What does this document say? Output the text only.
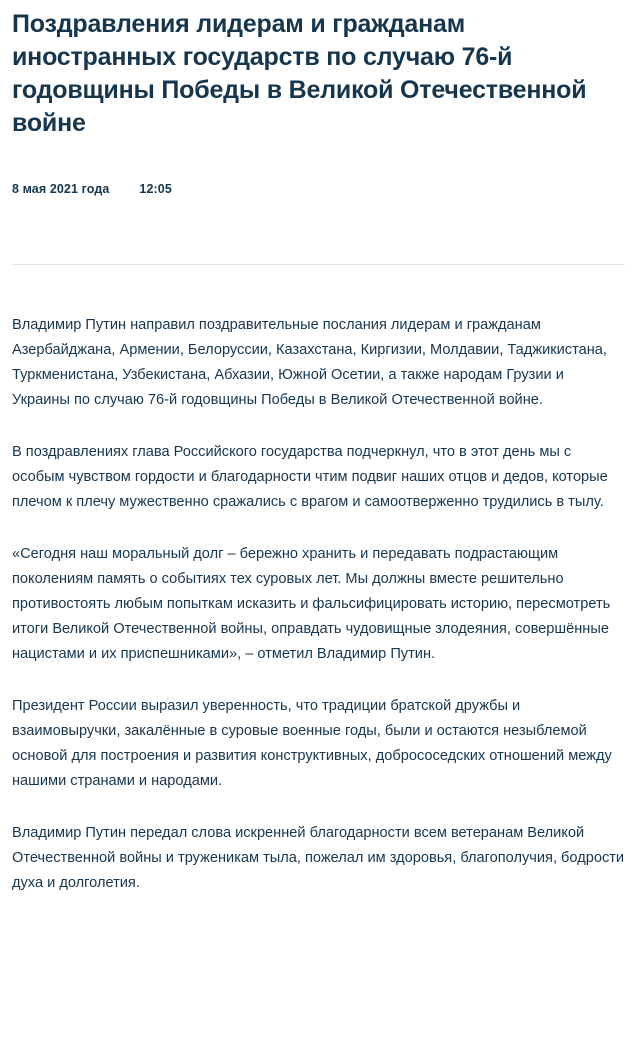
Поздравления лидерам и гражданам иностранных государств по случаю 76-й годовщины Победы в Великой Отечественной войне
8 мая 2021 года 12:05

Владимир Путин направил поздравительные послания лидерам и гражданам Азербайджана, Армении, Белоруссии, Казахстана, Киргизии, Молдавии, Таджикистана, Туркменистана, Узбекистана, Абхазии, Южной Осетии, а также народам Грузии и Украины по случаю 76-й годовщины Победы в Великой Отечественной войне.

В поздравлениях глава Российского государства подчеркнул, что в этот день мы с особым чувством гордости и благодарности чтим подвиг наших отцов и дедов, которые плечом к плечу мужественно сражались с врагом и самоотверженно трудились в тылу.

«Сегодня наш моральный долг – бережно хранить и передавать подрастающим поколениям память о событиях тех суровых лет. Мы должны вместе решительно противостоять любым попыткам исказить и фальсифицировать историю, пересмотреть итоги Великой Отечественной войны, оправдать чудовищные злодеяния, совершённые нацистами и их приспешниками», – отметил Владимир Путин.

Президент России выразил уверенность, что традиции братской дружбы и взаимовыручки, закалённые в суровые военные годы, были и остаются незыблемой основой для построения и развития конструктивных, добрососедских отношений между нашими странами и народами.

Владимир Путин передал слова искренней благодарности всем ветеранам Великой Отечественной войны и труженикам тыла, пожелал им здоровья, благополучия, бодрости духа и долголетия.
